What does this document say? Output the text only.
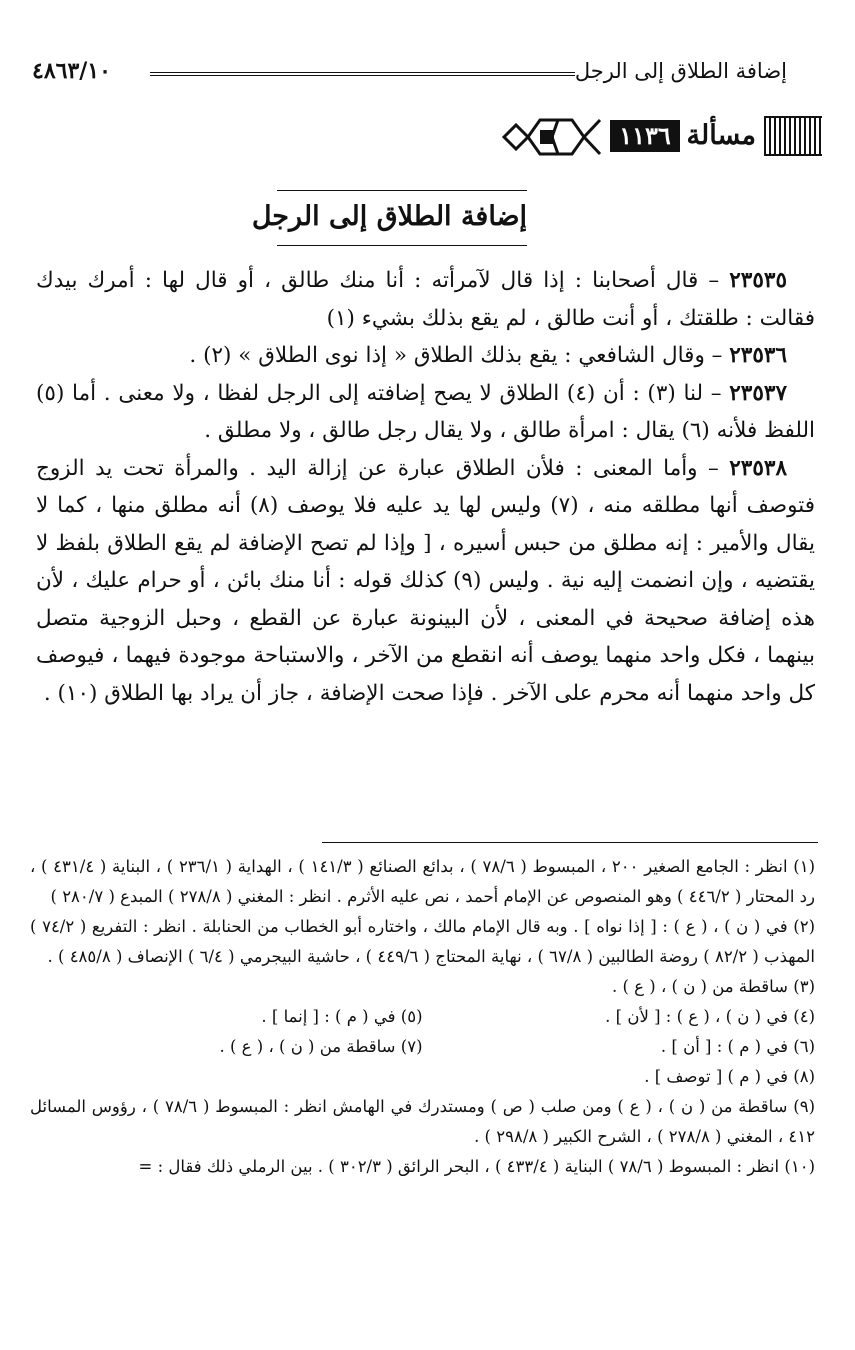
إضافة الطلاق إلى الرجل
٤٨٦٣/١٠
مسألة
١١٣٦
إضافة الطلاق إلى الرجل

٢٣٥٣٥ – قال أصحابنا : إذا قال لآمرأته : أنا منك طالق ، أو قال لها : أمرك بيدك فقالت : طلقتك ، أو أنت طالق ، لم يقع بذلك بشيء (١)

٢٣٥٣٦ – وقال الشافعي : يقع بذلك الطلاق « إذا نوى الطلاق » (٢) .

٢٣٥٣٧ – لنا (٣) : أن (٤) الطلاق لا يصح إضافته إلى الرجل لفظا ، ولا معنى . أما (٥) اللفظ فلأنه (٦) يقال : امرأة طالق ، ولا يقال رجل طالق ، ولا مطلق .

٢٣٥٣٨ – وأما المعنى : فلأن الطلاق عبارة عن إزالة اليد . والمرأة تحت يد الزوج فتوصف أنها مطلقه منه ، (٧) وليس لها يد عليه فلا يوصف (٨) أنه مطلق منها ، كما لا يقال والأمير : إنه مطلق من حبس أسيره ، [ وإذا لم تصح الإضافة لم يقع الطلاق بلفظ لا يقتضيه ، وإن انضمت إليه نية . وليس (٩) كذلك قوله : أنا منك بائن ، أو حرام عليك ، لأن هذه إضافة صحيحة في المعنى ، لأن البينونة عبارة عن القطع ، وحبل الزوجية متصل بينهما ، فكل واحد منهما يوصف أنه انقطع من الآخر ، والاستباحة موجودة فيهما ، فيوصف كل واحد منهما أنه محرم على الآخر . فإذا صحت الإضافة ، جاز أن يراد بها الطلاق (١٠) .

(١) انظر : الجامع الصغير ٢٠٠ ، المبسوط ( ٧٨/٦ ) ، بدائع الصنائع ( ١٤١/٣ ) ، الهداية ( ٢٣٦/١ ) ، البناية ( ٤٣١/٤ ) ، رد المحتار ( ٤٤٦/٢ ) وهو المنصوص عن الإمام أحمد ، نص عليه الأثرم . انظر : المغني ( ٢٧٨/٨ ) المبدع ( ٢٨٠/٧ )

(٢) في ( ن ) ، ( ع ) : [ إذا نواه ] . وبه قال الإمام مالك ، واختاره أبو الخطاب من الحنابلة . انظر : التفريع ( ٧٤/٢ ) المهذب ( ٨٢/٢ ) روضة الطالبين ( ٦٧/٨ ) ، نهاية المحتاج ( ٤٤٩/٦ ) ، حاشية البيجرمي ( ٦/٤ ) الإنصاف ( ٤٨٥/٨ ) .

(٣) ساقطة من ( ن ) ، ( ع ) .

(٤) في ( ن ) ، ( ع ) : [ لأن ] .
(٥) في ( م ) : [ إنما ] .
(٦) في ( م ) : [ أن ] .
(٧) ساقطة من ( ن ) ، ( ع ) .

(٨) في ( م ) [ توصف ] .

(٩) ساقطة من ( ن ) ، ( ع ) ومن صلب ( ص ) ومستدرك في الهامش انظر : المبسوط ( ٧٨/٦ ) ، رؤوس المسائل ٤١٢ ، المغني ( ٢٧٨/٨ ) ، الشرح الكبير ( ٢٩٨/٨ ) .

(١٠) انظر : المبسوط ( ٧٨/٦ ) البناية ( ٤٣٣/٤ ) ، البحر الرائق ( ٣٠٢/٣ ) . بين الرملي ذلك فقال : =
